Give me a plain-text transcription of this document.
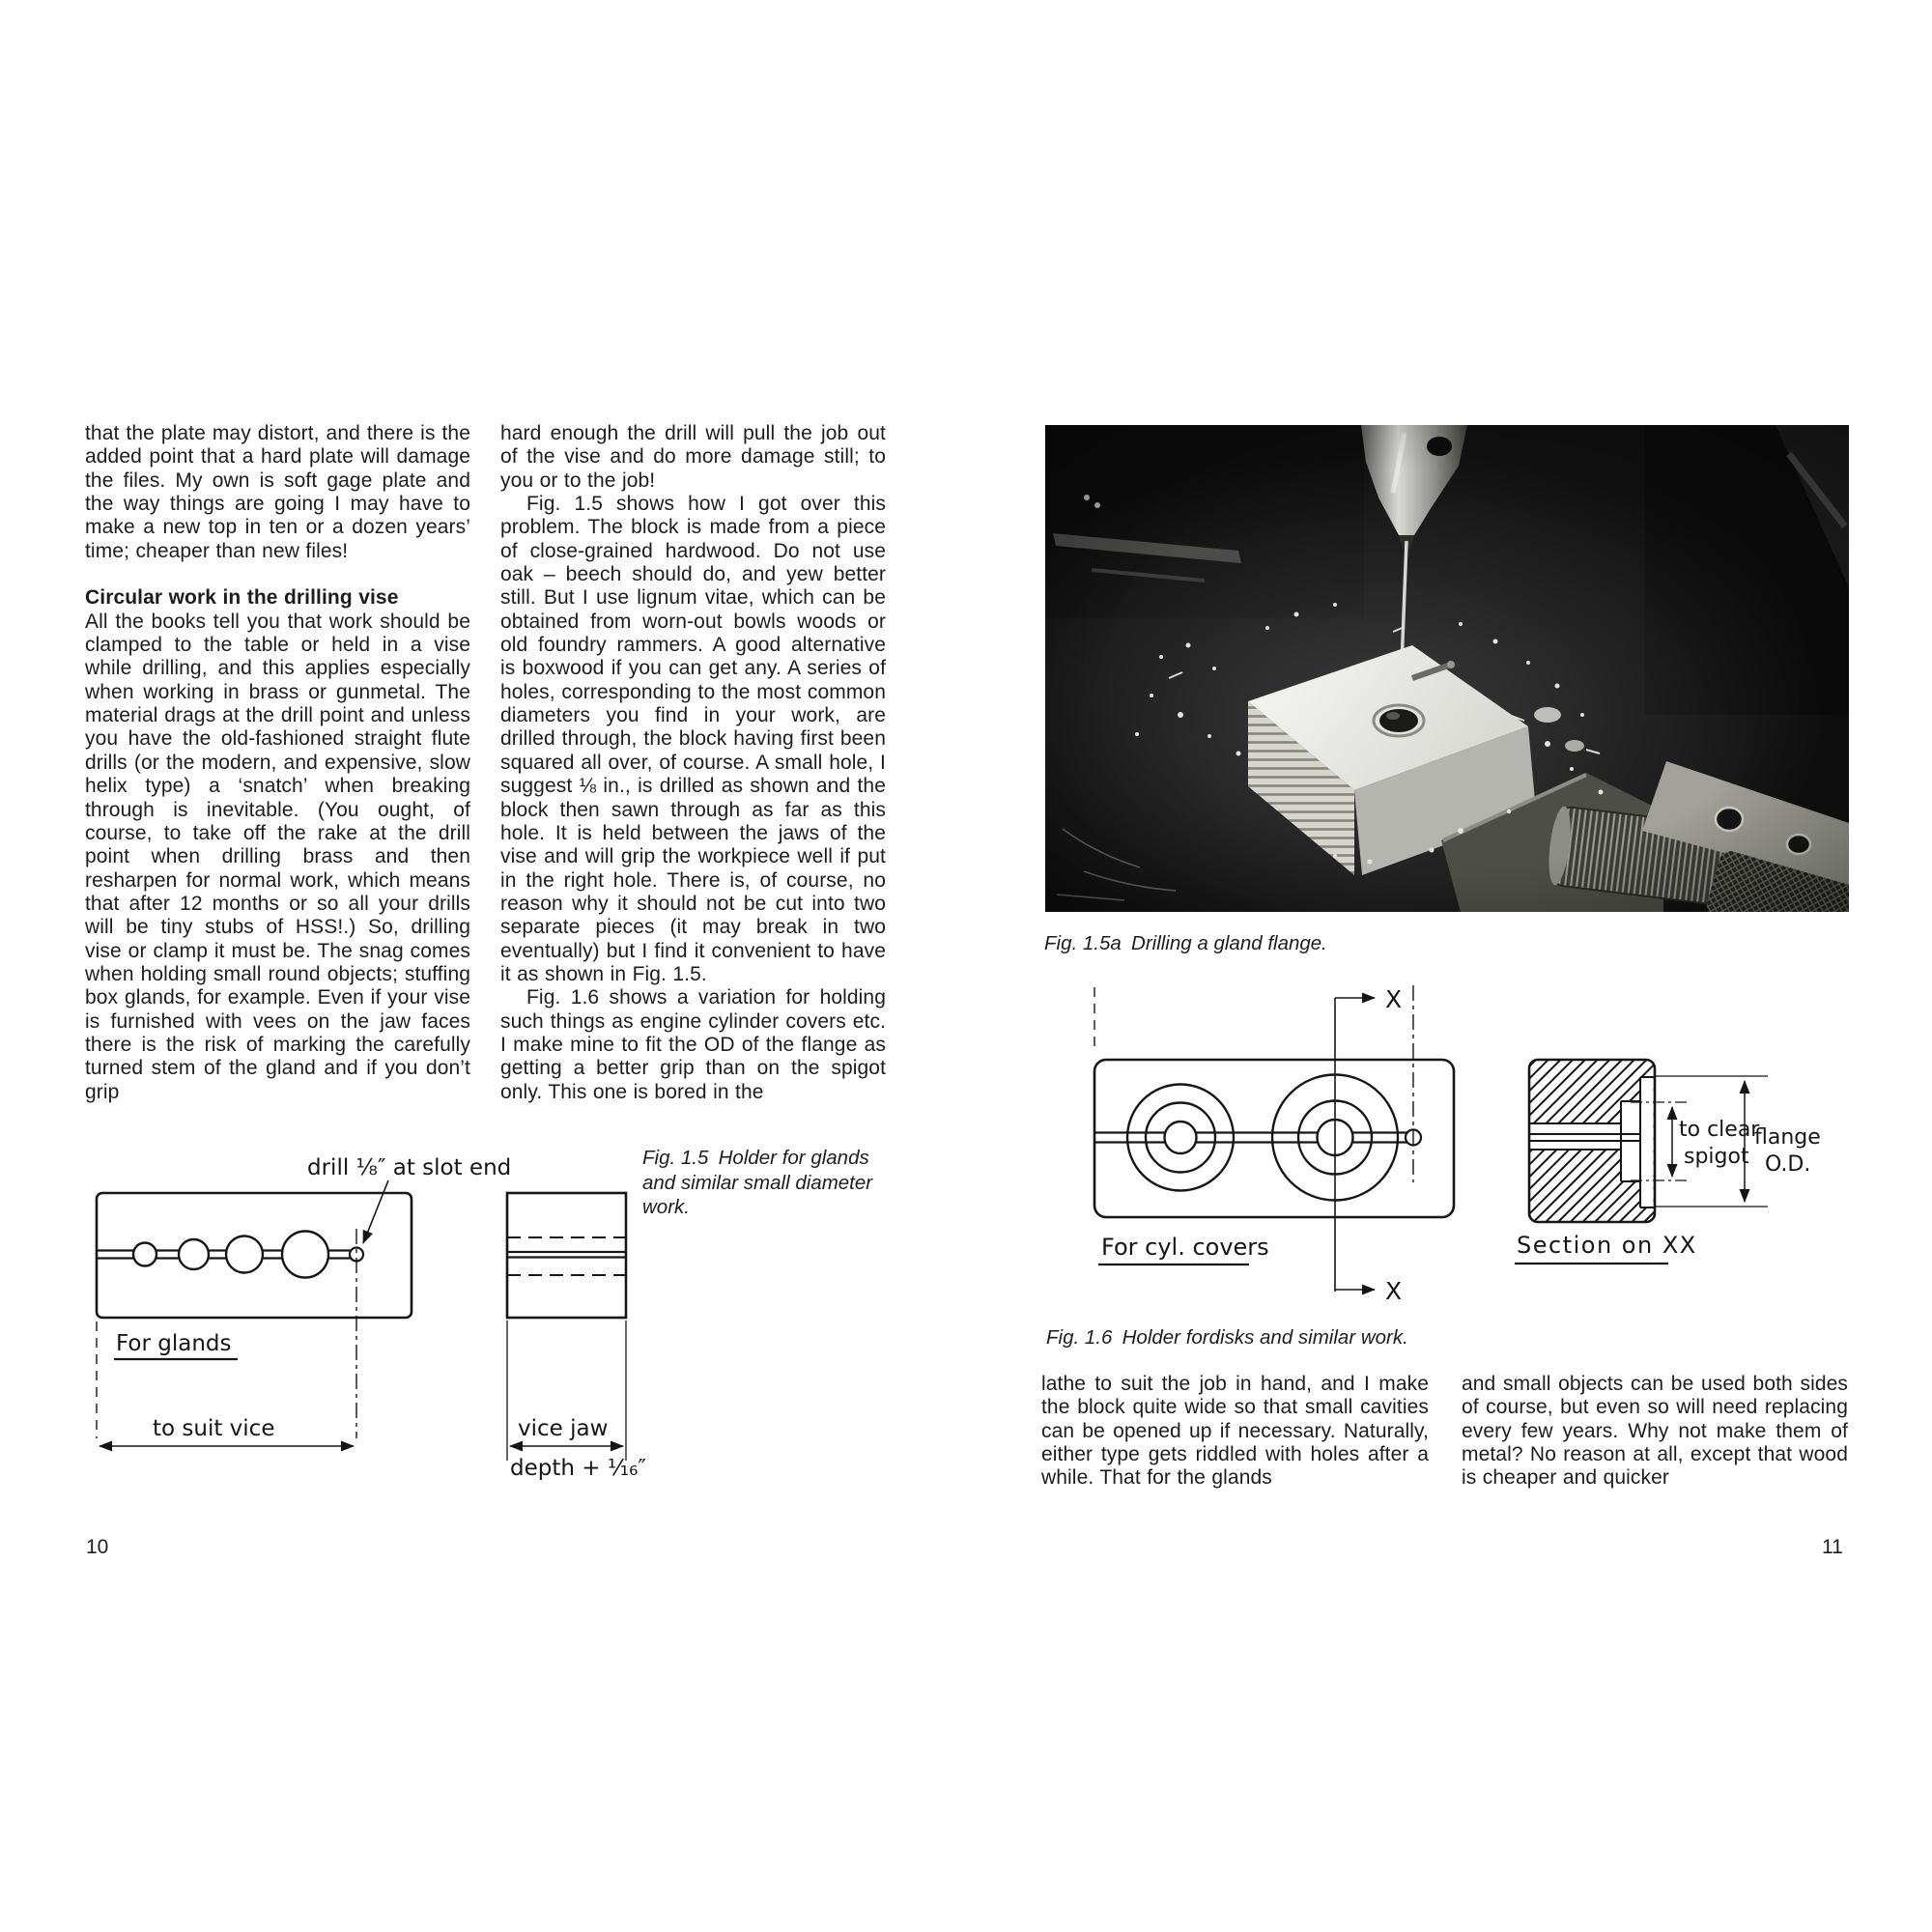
that the plate may distort, and there is the added point that a hard plate will damage the files. My own is soft gage plate and the way things are going I may have to make a new top in ten or a dozen years’ time; cheaper than new files!

Circular work in the drilling vise

All the books tell you that work should be clamped to the table or held in a vise while drilling, and this applies especially when working in brass or gunmetal. The material drags at the drill point and unless you have the old-fashioned straight flute drills (or the modern, and expensive, slow helix type) a ‘snatch’ when breaking through is inevitable. (You ought, of course, to take off the rake at the drill point when drilling brass and then resharpen for normal work, which means that after 12 months or so all your drills will be tiny stubs of HSS!.) So, drilling vise or clamp it must be. The snag comes when holding small round objects; stuffing box glands, for example. Even if your vise is furnished with vees on the jaw faces there is the risk of marking the carefully turned stem of the gland and if you don’t grip

hard enough the drill will pull the job out of the vise and do more damage still; to you or to the job!

Fig. 1.5 shows how I got over this problem. The block is made from a piece of close-grained hardwood. Do not use oak – beech should do, and yew better still. But I use lignum vitae, which can be obtained from worn-out bowls woods or old foundry rammers. A good alternative is boxwood if you can get any. A series of holes, corresponding to the most common diameters you find in your work, are drilled through, the block having first been squared all over, of course. A small hole, I suggest ⅛ in., is drilled as shown and the block then sawn through as far as this hole. It is held between the jaws of the vise and will grip the workpiece well if put in the right hole. There is, of course, no reason why it should not be cut into two separate pieces (it may break in two eventually) but I find it convenient to have it as shown in Fig. 1.5.

Fig. 1.6 shows a variation for holding such things as engine cylinder covers etc. I make mine to fit the OD of the flange as getting a better grip than on the spigot only. This one is bored in the

drill ⅛″ at slot end
For glands
to suit vice	vice jaw
depth + ¹⁄₁₆″
Fig. 1.5 Holder for glands and similar small diameter work.
10
Fig. 1.5a Drilling a gland flange.
X
X
For cyl. covers
to clear
spigot
flange
O.D.
Section on XX
Fig. 1.6 Holder fordisks and similar work.

lathe to suit the job in hand, and I make the block quite wide so that small cavities can be opened up if necessary. Naturally, either type gets riddled with holes after a while. That for the glands

and small objects can be used both sides of course, but even so will need replacing every few years. Why not make them of metal? No reason at all, except that wood is cheaper and quicker

11
